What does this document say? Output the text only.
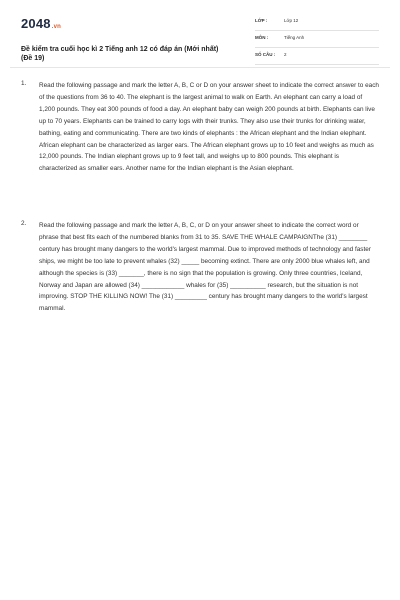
2048.vn
Đề kiểm tra cuối học kì 2 Tiếng anh 12 có đáp án (Mới nhất) (Đề 19)
LỚP :	Lớp 12
MÔN :	Tiếng Anh
SỐ CÂU : 2
1. Read the following passage and mark the letter A, B, C or D on your answer sheet to indicate the correct answer to each of the questions from 36 to 40. The elephant is the largest animal to walk on Earth. An elephant can carry a load of 1,200 pounds. They eat 300 pounds of food a day. An elephant baby can weigh 200 pounds at birth. Elephants can live up to 70 years. Elephants can be trained to carry logs with their trunks. They also use their trunks for drinking water, bathing, eating and communicating. There are two kinds of elephants : the African elephant and the Indian elephant. African elephant can be characterized as larger ears. The African elephant grows up to 10 feet and weighs as much as 12,000 pounds. The Indian elephant grows up to 9 feet tall, and weighs up to 800 pounds. This elephant is characterized as smaller ears. Another name for the Indian elephant is the Asian elephant.
2. Read the following passage and mark the letter A, B, C, or D on your answer sheet to indicate the correct word or phrase that best fits each of the numbered blanks from 31 to 35. SAVE THE WHALE CAMPAIGNThe (31) ________ century has brought many dangers to the world's largest mammal. Due to improved methods of technology and faster ships, we might be too late to prevent whales (32) _____ becoming extinct. There are only 2000 blue whales left, and although the species is (33) _______, there is no sign that the population is growing. Only three countries, Iceland, Norway and Japan are allowed (34) ____________ whales for (35) __________ research, but the situation is not improving. STOP THE KILLING NOW! The (31) _________ century has brought many dangers to the world's largest mammal.
